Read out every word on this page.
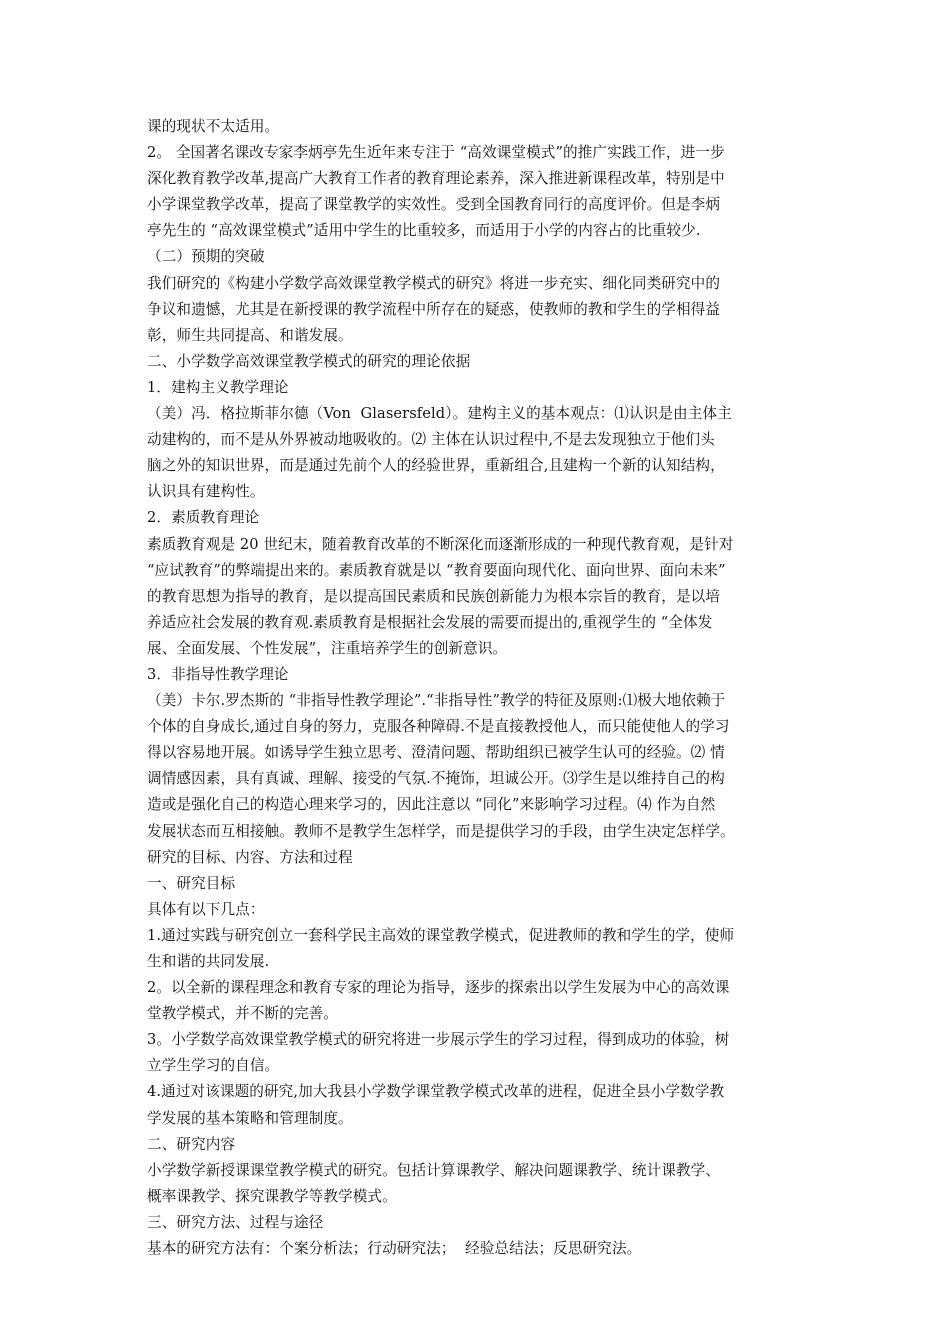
课的现状不太适用。
2。 全国著名课改专家李炳亭先生近年来专注于 “高效课堂模式”的推广实践工作，进一步
深化教育教学改革,提高广大教育工作者的教育理论素养，深入推进新课程改革，特别是中
小学课堂教学改革，提高了课堂教学的实效性。受到全国教育同行的高度评价。但是李炳
亭先生的 “高效课堂模式”适用中学生的比重较多，而适用于小学的内容占的比重较少.
（二）预期的突破
我们研究的《构建小学数学高效课堂教学模式的研究》将进一步充实、细化同类研究中的
争议和遗憾，尤其是在新授课的教学流程中所存在的疑惑，使教师的教和学生的学相得益
彰，师生共同提高、和谐发展。
二、小学数学高效课堂教学模式的研究的理论依据
1．建构主义教学理论
（美）冯．格拉斯菲尔德（Von  Glasersfeld）。建构主义的基本观点：⑴认识是由主体主
动建构的，而不是从外界被动地吸收的。⑵ 主体在认识过程中,不是去发现独立于他们头
脑之外的知识世界，而是通过先前个人的经验世界，重新组合,且建构一个新的认知结构，
认识具有建构性。
2．素质教育理论
素质教育观是 20 世纪末，随着教育改革的不断深化而逐渐形成的一种现代教育观，是针对
“应试教育”的弊端提出来的。素质教育就是以 “教育要面向现代化、面向世界、面向未来”
的教育思想为指导的教育，是以提高国民素质和民族创新能力为根本宗旨的教育，是以培
养适应社会发展的教育观.素质教育是根据社会发展的需要而提出的,重视学生的 “全体发
展、全面发展、个性发展”，注重培养学生的创新意识。
3．非指导性教学理论
（美）卡尔.罗杰斯的 “非指导性教学理论”.“非指导性”教学的特征及原则:⑴极大地依赖于
个体的自身成长,通过自身的努力，克服各种障碍.不是直接教授他人，而只能使他人的学习
得以容易地开展。如诱导学生独立思考、澄清问题、帮助组织已被学生认可的经验。⑵ 情
调情感因素，具有真诚、理解、接受的气氛.不掩饰，坦诚公开。⑶学生是以维持自己的构
造或是强化自己的构造心理来学习的，因此注意以 “同化”来影响学习过程。⑷ 作为自然
发展状态而互相接触。教师不是教学生怎样学，而是提供学习的手段，由学生决定怎样学。
研究的目标、内容、方法和过程
一、研究目标
具体有以下几点：
1.通过实践与研究创立一套科学民主高效的课堂教学模式，促进教师的教和学生的学，使师
生和谐的共同发展.
2。以全新的课程理念和教育专家的理论为指导，逐步的探索出以学生发展为中心的高效课
堂教学模式，并不断的完善。
3。小学数学高效课堂教学模式的研究将进一步展示学生的学习过程，得到成功的体验，树
立学生学习的自信。
4.通过对该课题的研究,加大我县小学数学课堂教学模式改革的进程，促进全县小学数学教
学发展的基本策略和管理制度。
二、研究内容
小学数学新授课课堂教学模式的研究。包括计算课教学、解决问题课教学、统计课教学、
概率课教学、探究课教学等教学模式。
三、研究方法、过程与途径
基本的研究方法有：个案分析法；行动研究法；  经验总结法；反思研究法。
